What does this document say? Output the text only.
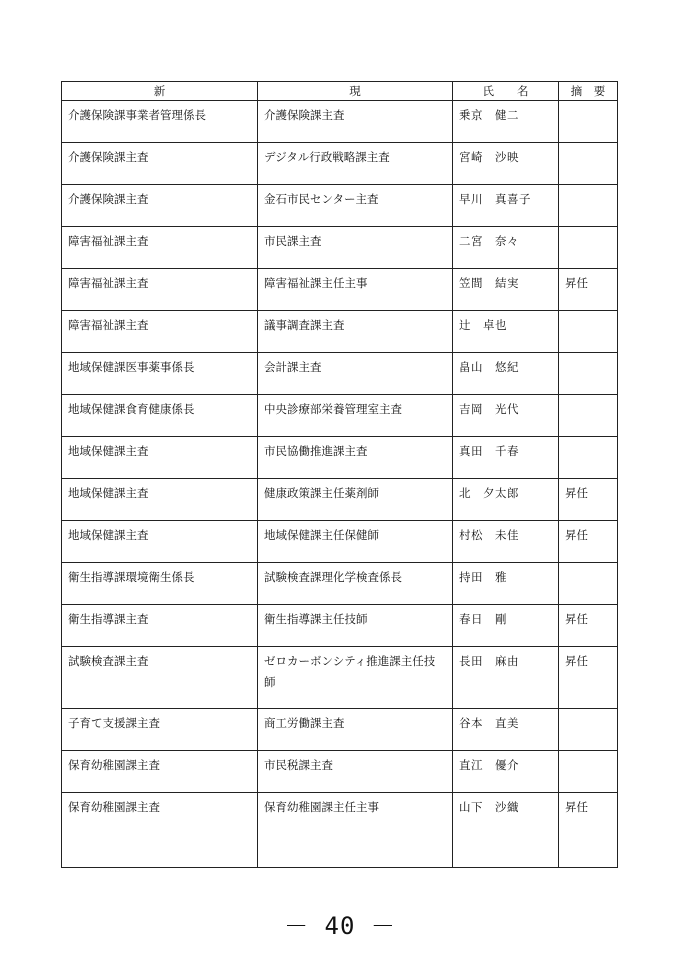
新	現	氏　　名	摘　要
介護保険課事業者管理係長	介護保険課主査	乗京　健二	
介護保険課主査	デジタル行政戦略課主査	宮崎　沙映	
介護保険課主査	金石市民センター主査	早川　真喜子	
障害福祉課主査	市民課主査	二宮　奈々	
障害福祉課主査	障害福祉課主任主事	笠間　結実	昇任
障害福祉課主査	議事調査課主査	辻　卓也	
地域保健課医事薬事係長	会計課主査	畠山　悠紀	
地域保健課食育健康係長	中央診療部栄養管理室主査	吉岡　光代	
地域保健課主査	市民協働推進課主査	真田　千春	
地域保健課主査	健康政策課主任薬剤師	北　夕太郎	昇任
地域保健課主査	地域保健課主任保健師	村松　未佳	昇任
衛生指導課環境衛生係長	試験検査課理化学検査係長	持田　雅	
衛生指導課主査	衛生指導課主任技師	春日　剛	昇任
試験検査課主査	ゼロカーボンシティ推進課主任技師	長田　麻由	昇任
子育て支援課主査	商工労働課主査	谷本　直美	
保育幼稚園課主査	市民税課主査	直江　優介	
保育幼稚園課主査	保育幼稚園課主任主事	山下　沙織	昇任
－ 40 －
